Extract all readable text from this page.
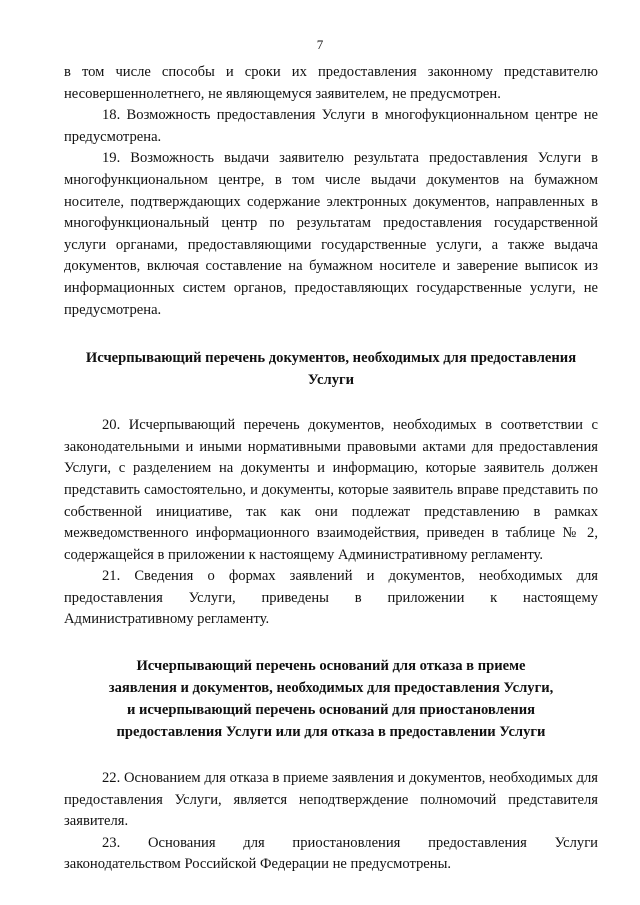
7

в том числе способы и сроки их предоставления законному представителю несовершеннолетнего, не являющемуся заявителем, не предусмотрен.

18. Возможность предоставления Услуги в многофукционнальном центре не предусмотрена.

19. Возможность выдачи заявителю результата предоставления Услуги в многофункциональном центре, в том числе выдачи документов на бумажном носителе, подтверждающих содержание электронных документов, направленных в многофункциональный центр по результатам предоставления государственной услуги органами, предоставляющими государственные услуги, а также выдача документов, включая составление на бумажном носителе и заверение выписок из информационных систем органов, предоставляющих государственные услуги, не предусмотрена.

Исчерпывающий перечень документов, необходимых для предоставления Услуги

20. Исчерпывающий перечень документов, необходимых в соответствии с законодательными и иными нормативными правовыми актами для предоставления Услуги, с разделением на документы и информацию, которые заявитель должен представить самостоятельно, и документы, которые заявитель вправе представить по собственной инициативе, так как они подлежат представлению в рамках межведомственного информационного взаимодействия, приведен в таблице № 2, содержащейся в приложении к настоящему Административному регламенту.

21. Сведения о формах заявлений и документов, необходимых для предоставления Услуги, приведены в приложении к настоящему Административному регламенту.

Исчерпывающий перечень оснований для отказа в приеме
заявления и документов, необходимых для предоставления Услуги,
и исчерпывающий перечень оснований для приостановления
предоставления Услуги или для отказа в предоставлении Услуги

22. Основанием для отказа в приеме заявления и документов, необходимых для предоставления Услуги, является неподтверждение полномочий представителя заявителя.

23. Основания для приостановления предоставления Услуги законодательством Российской Федерации не предусмотрены.
